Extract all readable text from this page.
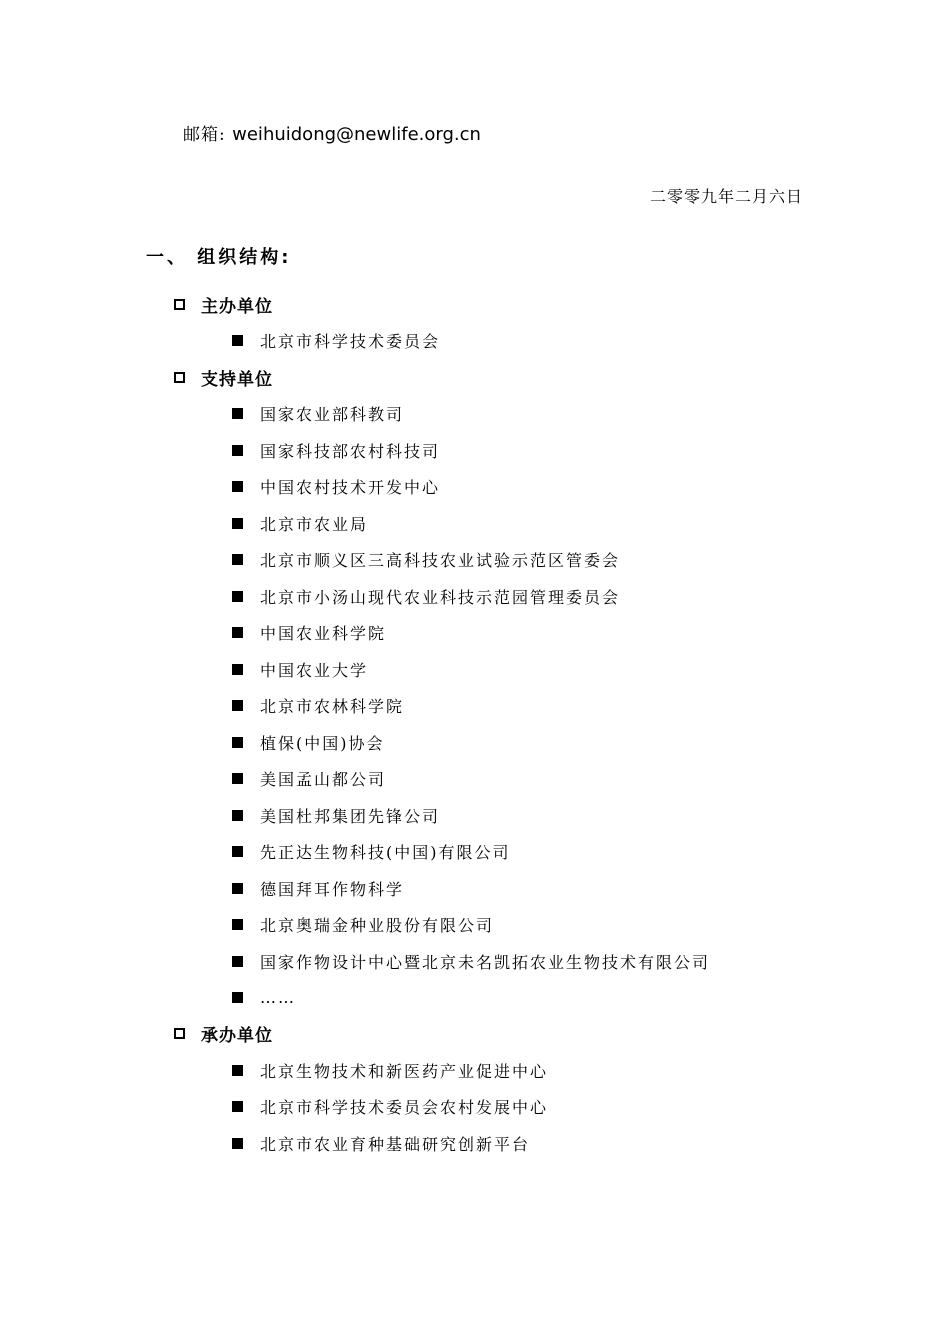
邮箱: weihuidong@newlife.org.cn
二零零九年二月六日
一、 组织结构:
主办单位
北京市科学技术委员会
支持单位
国家农业部科教司
国家科技部农村科技司
中国农村技术开发中心
北京市农业局
北京市顺义区三高科技农业试验示范区管委会
北京市小汤山现代农业科技示范园管理委员会
中国农业科学院
中国农业大学
北京市农林科学院
植保(中国)协会
美国孟山都公司
美国杜邦集团先锋公司
先正达生物科技(中国)有限公司
德国拜耳作物科学
北京奥瑞金种业股份有限公司
国家作物设计中心暨北京未名凯拓农业生物技术有限公司
……
承办单位
北京生物技术和新医药产业促进中心
北京市科学技术委员会农村发展中心
北京市农业育种基础研究创新平台
